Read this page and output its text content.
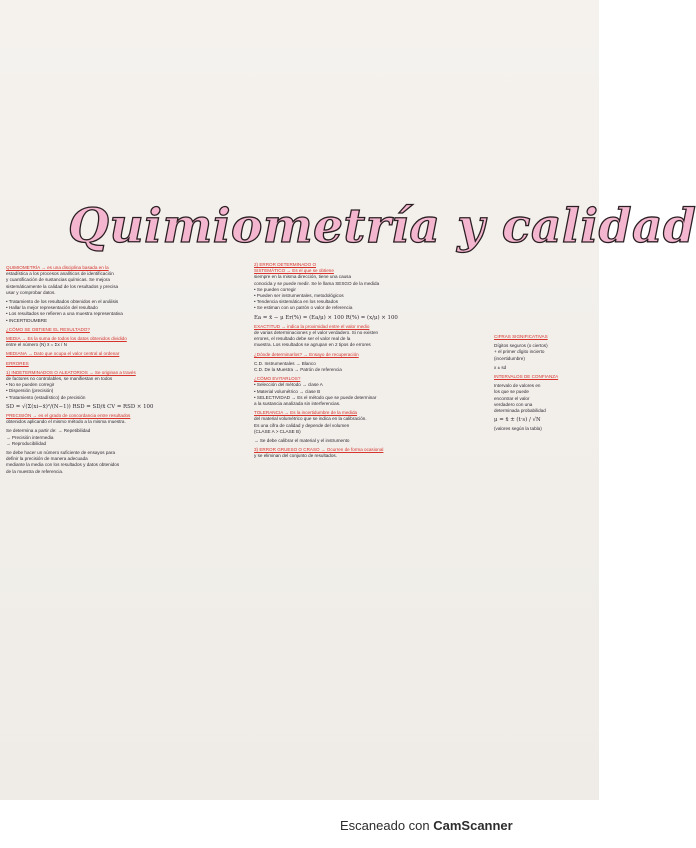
Quimiometría y calidad
QUIMIOMETRÍA → es una disciplina basada en la
estadística a los procesos analíticos de identificación
y cuantificación de sustancias químicas. Se mejora
sistemáticamente la calidad de los resultados y precisa
usar y comprobar datos.
• Tratamiento de los resultados obtenidos en el análisis
• Hallar la mejor representación del resultado
• Los resultados se refieren a una muestra representativa
• INCERTIDUMBRE
¿CÓMO SE OBTIENE EL RESULTADO?
MEDIA → Es la suma de todos los datos obtenidos dividido
entre el número (N) x̄ = Σx / N
MEDIANA → Dato que ocupa el valor central al ordenar
ERRORES
1) INDETERMINADOS O ALEATORIOS → Se originan a través
de factores no controlables, se manifiestan en todos
• No se pueden corregir
• Dispersión (precisión)
• Tratamiento (estadístico) de precisión
SD = √(Σ(xi−x̄)²/(N−1)) RSD = SD/x̄ CV = RSD × 100
PRECISIÓN → es el grado de concordancia entre resultados
obtenidos aplicando el mismo método a la misma muestra.
Se determina a partir de: → Repetibilidad
→ Precisión intermedia
→ Reproducibilidad
Se debe hacer un número suficiente de ensayos para
definir la precisión de manera adecuada
mediante la media con los resultados y datos obtenidos
de la muestra de referencia.
2) ERROR DETERMINADO O
SISTEMÁTICO → Es el que se obtiene
siempre en la misma dirección, tiene una causa
conocida y se puede medir. Se le llama SESGO de la medida
• Se pueden corregir
• Pueden ser instrumentales, metodológicos
• Tendencia sistemática en los resultados
• Se estiman con un patrón o valor de referencia
Ea = x̄ − μ Er(%) = (Ea/μ) × 100 R(%) = (x/μ) × 100
EXACTITUD → indica la proximidad entre el valor medio
de varias determinaciones y el valor verdadero. Si no existen
errores, el resultado debe ser el valor real de la
muestra. Los resultados se agrupan en 2 tipos de errores
¿Dónde determinarlos? → Ensayo de recuperación
C.D. Instrumentales → Blanco
C.D. De la Muestra → Patrón de referencia
¿CÓMO EVITARLOS?
• Selección del método → clase A
• Material volumétrico → clase B
• SELECTIVIDAD → Es el método que se puede determinar
a la sustancia analizada sin interferencias.
TOLERANCIA → Es la incertidumbre de la medida
del material volumétrico que se indica en la calibración.
Es una cifra de calidad y depende del volumen
(CLASE A > CLASE B)
→ Se debe calibrar el material y el instrumento
3) ERROR GRUESO O CRASO → Ocurren de forma ocasional
y se eliminan del conjunto de resultados.
CIFRAS SIGNIFICATIVAS
Dígitos seguros (o ciertos)
+ el primer dígito incierto
(incertidumbre)
x ± sd
INTERVALOS DE CONFIANZA
Intervalo de valores en
los que se puede
encontrar el valor
verdadero con una
determinada probabilidad
μ = x̄ ± (t·s) / √N
(valores según la tabla)
Escaneado con CamScanner
